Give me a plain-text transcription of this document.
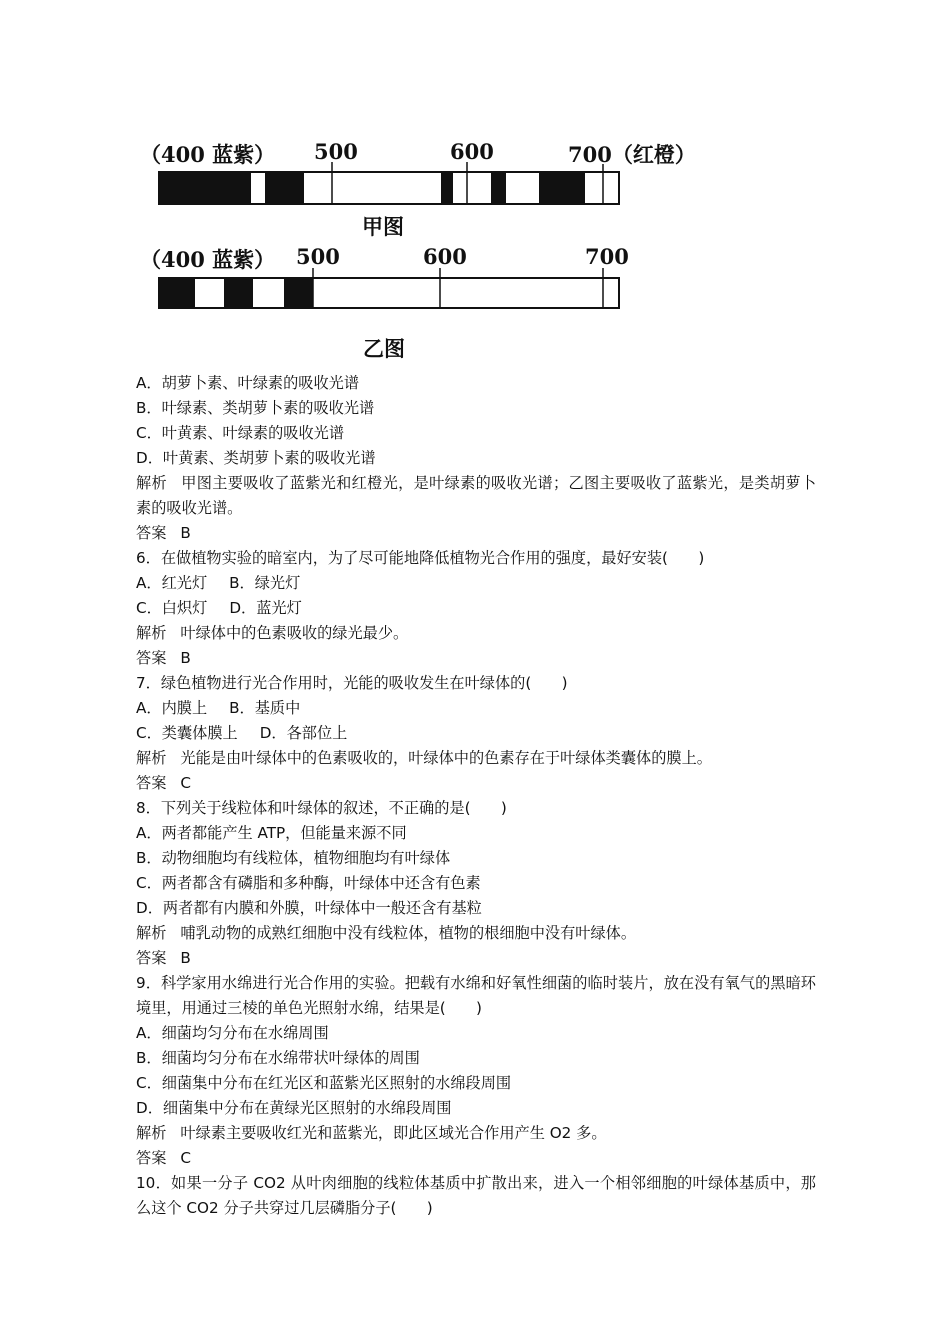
（400 蓝紫） 500	600	700（红橙）
甲图
（400 蓝紫） 500	600	700
乙图
A．胡萝卜素、叶绿素的吸收光谱
B．叶绿素、类胡萝卜素的吸收光谱
C．叶黄素、叶绿素的吸收光谱
D．叶黄素、类胡萝卜素的吸收光谱
解析 甲图主要吸收了蓝紫光和红橙光，是叶绿素的吸收光谱；乙图主要吸收了蓝紫光，是类胡萝卜素的吸收光谱。
答案 B
6．在做植物实验的暗室内，为了尽可能地降低植物光合作用的强度，最好安装(　　)
A．红光灯 B．绿光灯
C．白炽灯 D．蓝光灯
解析 叶绿体中的色素吸收的绿光最少。
答案 B
7．绿色植物进行光合作用时，光能的吸收发生在叶绿体的(　　)
A．内膜上 B．基质中
C．类囊体膜上 D．各部位上
解析 光能是由叶绿体中的色素吸收的，叶绿体中的色素存在于叶绿体类囊体的膜上。
答案 C
8．下列关于线粒体和叶绿体的叙述，不正确的是(　　)
A．两者都能产生 ATP，但能量来源不同
B．动物细胞均有线粒体，植物细胞均有叶绿体
C．两者都含有磷脂和多种酶，叶绿体中还含有色素
D．两者都有内膜和外膜，叶绿体中一般还含有基粒
解析 哺乳动物的成熟红细胞中没有线粒体，植物的根细胞中没有叶绿体。
答案 B
9．科学家用水绵进行光合作用的实验。把载有水绵和好氧性细菌的临时装片，放在没有氧气的黑暗环境里，用通过三棱的单色光照射水绵，结果是(　　)
A．细菌均匀分布在水绵周围
B．细菌均匀分布在水绵带状叶绿体的周围
C．细菌集中分布在红光区和蓝紫光区照射的水绵段周围
D．细菌集中分布在黄绿光区照射的水绵段周围
解析 叶绿素主要吸收红光和蓝紫光，即此区域光合作用产生 O2 多。
答案 C
10．如果一分子 CO2 从叶肉细胞的线粒体基质中扩散出来，进入一个相邻细胞的叶绿体基质中，那么这个 CO2 分子共穿过几层磷脂分子(　　)
